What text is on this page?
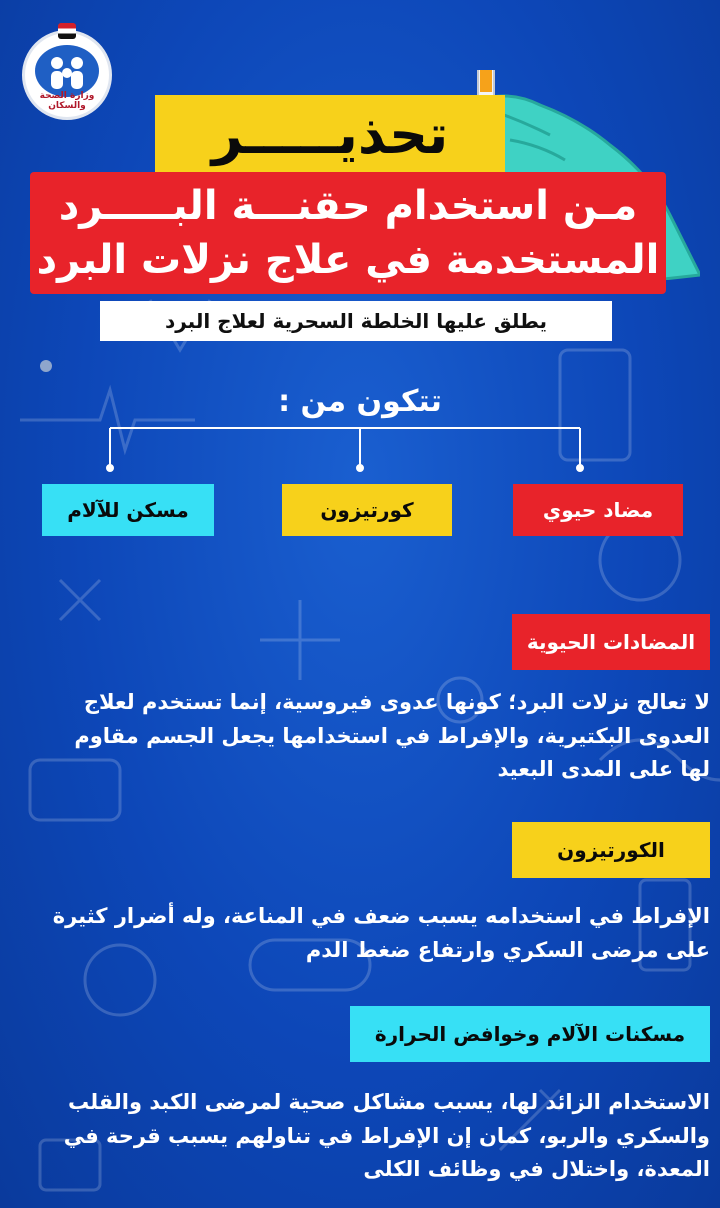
وزارة الصحة والسكان	تحذيـــــر
مـن استخدام حقنـــة البـــــرد
المستخدمة في علاج نزلات البرد
يطلق عليها الخلطة السحرية لعلاج البرد
تتكون من :
مضاد حيوي
كورتيزون
مسكن للآلام
المضادات الحيوية
لا تعالج نزلات البرد؛ كونها عدوى فيروسية، إنما تستخدم لعلاج
العدوى البكتيرية، والإفراط في استخدامها يجعل الجسم مقاوم
لها على المدى البعيد
الكورتيزون
الإفراط في استخدامه يسبب ضعف في المناعة، وله أضرار كثيرة
على مرضى السكري وارتفاع ضغط الدم
مسكنات الآلام وخوافض الحرارة
الاستخدام الزائد لها، يسبب مشاكل صحية لمرضى الكبد والقلب
والسكري والربو، كمان إن الإفراط في تناولهم يسبب قرحة في
المعدة، واختلال في وظائف الكلى
